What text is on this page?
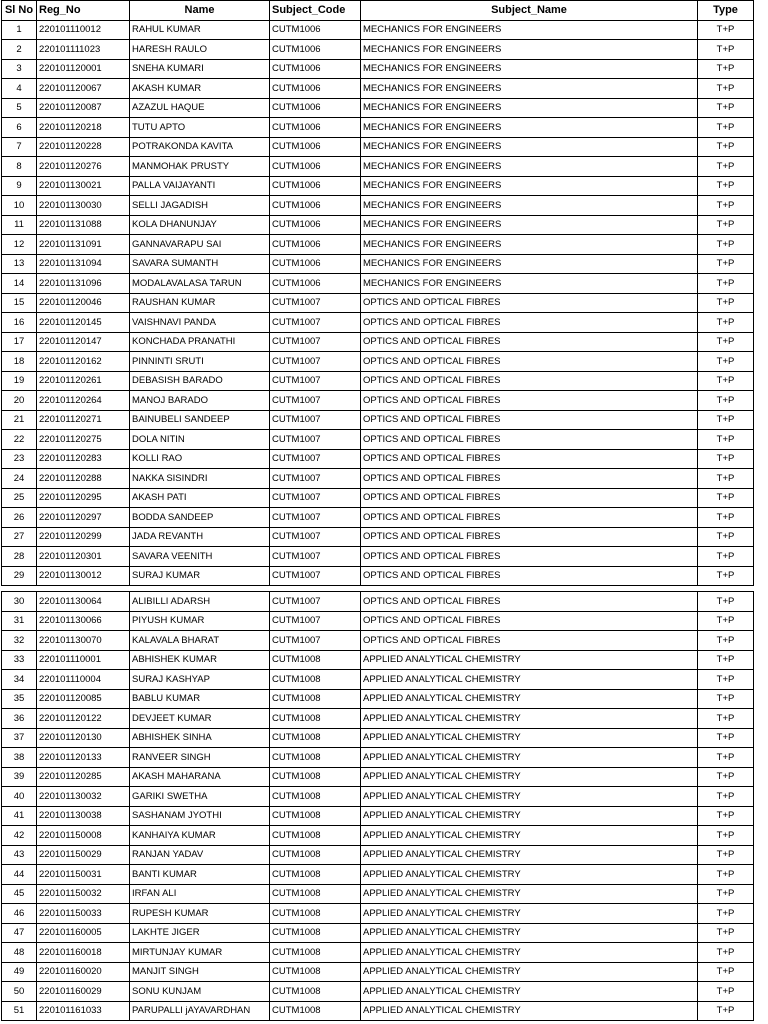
Sl No	Reg_No	Name	Subject_Code	Subject_Name	Type
1	220101110012	RAHUL KUMAR	CUTM1006	MECHANICS FOR ENGINEERS	T+P
2	220101111023	HARESH RAULO	CUTM1006	MECHANICS FOR ENGINEERS	T+P
3	220101120001	SNEHA KUMARI	CUTM1006	MECHANICS FOR ENGINEERS	T+P
4	220101120067	AKASH KUMAR	CUTM1006	MECHANICS FOR ENGINEERS	T+P
5	220101120087	AZAZUL HAQUE	CUTM1006	MECHANICS FOR ENGINEERS	T+P
6	220101120218	TUTU APTO	CUTM1006	MECHANICS FOR ENGINEERS	T+P
7	220101120228	POTRAKONDA KAVITA	CUTM1006	MECHANICS FOR ENGINEERS	T+P
8	220101120276	MANMOHAK PRUSTY	CUTM1006	MECHANICS FOR ENGINEERS	T+P
9	220101130021	PALLA VAIJAYANTI	CUTM1006	MECHANICS FOR ENGINEERS	T+P
10	220101130030	SELLI JAGADISH	CUTM1006	MECHANICS FOR ENGINEERS	T+P
11	220101131088	KOLA DHANUNJAY	CUTM1006	MECHANICS FOR ENGINEERS	T+P
12	220101131091	GANNAVARAPU SAI	CUTM1006	MECHANICS FOR ENGINEERS	T+P
13	220101131094	SAVARA SUMANTH	CUTM1006	MECHANICS FOR ENGINEERS	T+P
14	220101131096	MODALAVALASA TARUN	CUTM1006	MECHANICS FOR ENGINEERS	T+P
15	220101120046	RAUSHAN KUMAR	CUTM1007	OPTICS AND OPTICAL FIBRES	T+P
16	220101120145	VAISHNAVI PANDA	CUTM1007	OPTICS AND OPTICAL FIBRES	T+P
17	220101120147	KONCHADA PRANATHI	CUTM1007	OPTICS AND OPTICAL FIBRES	T+P
18	220101120162	PINNINTI SRUTI	CUTM1007	OPTICS AND OPTICAL FIBRES	T+P
19	220101120261	DEBASISH BARADO	CUTM1007	OPTICS AND OPTICAL FIBRES	T+P
20	220101120264	MANOJ BARADO	CUTM1007	OPTICS AND OPTICAL FIBRES	T+P
21	220101120271	BAINUBELI SANDEEP	CUTM1007	OPTICS AND OPTICAL FIBRES	T+P
22	220101120275	DOLA NITIN	CUTM1007	OPTICS AND OPTICAL FIBRES	T+P
23	220101120283	KOLLI RAO	CUTM1007	OPTICS AND OPTICAL FIBRES	T+P
24	220101120288	NAKKA SISINDRI	CUTM1007	OPTICS AND OPTICAL FIBRES	T+P
25	220101120295	AKASH PATI	CUTM1007	OPTICS AND OPTICAL FIBRES	T+P
26	220101120297	BODDA SANDEEP	CUTM1007	OPTICS AND OPTICAL FIBRES	T+P
27	220101120299	JADA REVANTH	CUTM1007	OPTICS AND OPTICAL FIBRES	T+P
28	220101120301	SAVARA VEENITH	CUTM1007	OPTICS AND OPTICAL FIBRES	T+P
29	220101130012	SURAJ KUMAR	CUTM1007	OPTICS AND OPTICAL FIBRES	T+P
30	220101130064	ALIBILLI ADARSH	CUTM1007	OPTICS AND OPTICAL FIBRES	T+P
31	220101130066	PIYUSH KUMAR	CUTM1007	OPTICS AND OPTICAL FIBRES	T+P
32	220101130070	KALAVALA BHARAT	CUTM1007	OPTICS AND OPTICAL FIBRES	T+P
33	220101110001	ABHISHEK KUMAR	CUTM1008	APPLIED ANALYTICAL CHEMISTRY	T+P
34	220101110004	SURAJ KASHYAP	CUTM1008	APPLIED ANALYTICAL CHEMISTRY	T+P
35	220101120085	BABLU KUMAR	CUTM1008	APPLIED ANALYTICAL CHEMISTRY	T+P
36	220101120122	DEVJEET KUMAR	CUTM1008	APPLIED ANALYTICAL CHEMISTRY	T+P
37	220101120130	ABHISHEK SINHA	CUTM1008	APPLIED ANALYTICAL CHEMISTRY	T+P
38	220101120133	RANVEER SINGH	CUTM1008	APPLIED ANALYTICAL CHEMISTRY	T+P
39	220101120285	AKASH MAHARANA	CUTM1008	APPLIED ANALYTICAL CHEMISTRY	T+P
40	220101130032	GARIKI SWETHA	CUTM1008	APPLIED ANALYTICAL CHEMISTRY	T+P
41	220101130038	SASHANAM JYOTHI	CUTM1008	APPLIED ANALYTICAL CHEMISTRY	T+P
42	220101150008	KANHAIYA KUMAR	CUTM1008	APPLIED ANALYTICAL CHEMISTRY	T+P
43	220101150029	RANJAN YADAV	CUTM1008	APPLIED ANALYTICAL CHEMISTRY	T+P
44	220101150031	BANTI KUMAR	CUTM1008	APPLIED ANALYTICAL CHEMISTRY	T+P
45	220101150032	IRFAN ALI	CUTM1008	APPLIED ANALYTICAL CHEMISTRY	T+P
46	220101150033	RUPESH KUMAR	CUTM1008	APPLIED ANALYTICAL CHEMISTRY	T+P
47	220101160005	LAKHTE JIGER	CUTM1008	APPLIED ANALYTICAL CHEMISTRY	T+P
48	220101160018	MIRTUNJAY KUMAR	CUTM1008	APPLIED ANALYTICAL CHEMISTRY	T+P
49	220101160020	MANJIT SINGH	CUTM1008	APPLIED ANALYTICAL CHEMISTRY	T+P
50	220101160029	SONU KUNJAM	CUTM1008	APPLIED ANALYTICAL CHEMISTRY	T+P
51	220101161033	PARUPALLI jAYAVARDHAN	CUTM1008	APPLIED ANALYTICAL CHEMISTRY	T+P
